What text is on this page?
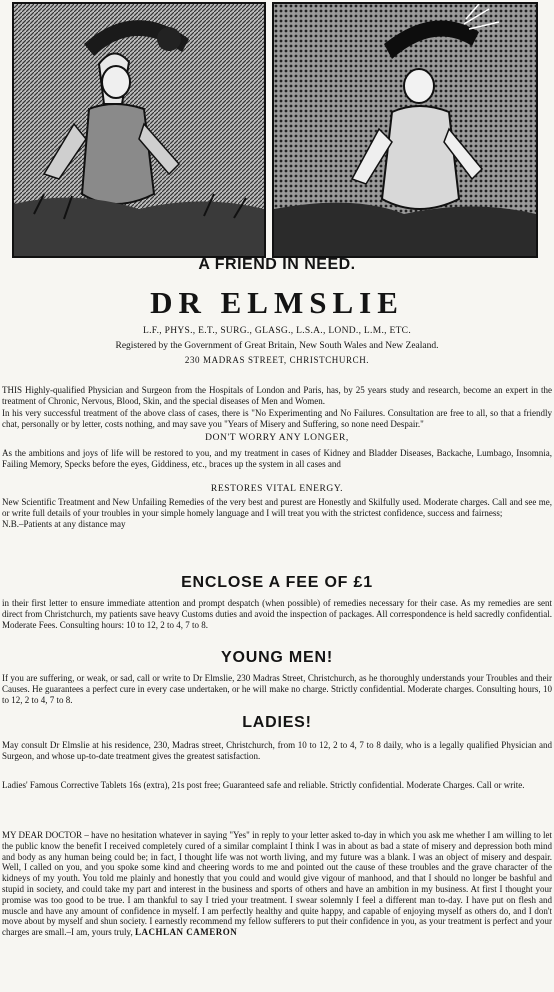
A FRIEND IN NEED.
DR ELMSLIE
L.F., PHYS., E.T., SURG., GLASG., L.S.A., LOND., L.M., ETC.
Registered by the Government of Great Britain, New South Wales and New Zealand.
230 MADRAS STREET, CHRISTCHURCH.
THIS Highly-qualified Physician and Surgeon from the Hospitals of London and Paris, has, by 25 years study and research, become an expert in the treatment of Chronic, Nervous, Blood, Skin, and the special diseases of Men and Women.
In his very successful treatment of the above class of cases, there is "No Experimenting and No Failures. Consultation are free to all, so that a friendly chat, personally or by letter, costs nothing, and may save you "Years of Misery and Suffering, so none need Despair."
DON'T WORRY ANY LONGER,
As the ambitions and joys of life will be restored to you, and my treatment in cases of Kidney and Bladder Diseases, Backache, Lumbago, Insomnia, Failing Memory, Specks before the eyes, Giddiness, etc., braces up the system in all cases and
RESTORES VITAL ENERGY.
New Scientific Treatment and New Unfailing Remedies of the very best and purest are Honestly and Skilfully used. Moderate charges. Call and see me, or write full details of your troubles in your simple homely language and I will treat you with the strictest confidence, success and fairness;
N.B.–Patients at any distance may
ENCLOSE A FEE OF £1
in their first letter to ensure immediate attention and prompt despatch (when possible) of remedies necessary for their case. As my remedies are sent direct from Christchurch, my patients save heavy Customs duties and avoid the inspection of packages. All correspondence is held sacredly confidential. Moderate Fees. Consulting hours: 10 to 12, 2 to 4, 7 to 8.
YOUNG MEN!
If you are suffering, or weak, or sad, call or write to Dr Elmslie, 230 Madras Street, Christchurch, as he thoroughly understands your Troubles and their Causes. He guarantees a perfect cure in every case undertaken, or he will make no charge. Strictly confidential. Moderate charges. Consulting hours, 10 to 12, 2 to 4, 7 to 8.
LADIES!
May consult Dr Elmslie at his residence, 230, Madras street, Christchurch, from 10 to 12, 2 to 4, 7 to 8 daily, who is a legally qualified Physician and Surgeon, and whose up-to-date treatment gives the greatest satisfaction.
Ladies' Famous Corrective Tablets 16s (extra), 21s post free; Guaranteed safe and reliable. Strictly confidential. Moderate Charges. Call or write.
MY DEAR DOCTOR – have no hesitation whatever in saying "Yes" in reply to your letter asked to-day in which you ask me whether I am willing to let the public know the benefit I received completely cured of a similar complaint I think I was in about as bad a state of misery and depression both mind and body as any human being could be; in fact, I thought life was not worth living, and my future was a blank. I was an object of misery and despair. Well, I called on you, and you spoke some kind and cheering words to me and pointed out the cause of these troubles and the grave character of the kidneys of my youth. You told me plainly and honestly that you could and would give vigour of manhood, and that I should no longer be bashful and stupid in society, and could take my part and interest in the business and sports of others and have an ambition in my business. At first I thought your promise was too good to be true. I am thankful to say I tried your treatment. I swear solemnly I feel a different man to-day. I have put on flesh and muscle and have any amount of confidence in myself. I am perfectly healthy and quite happy, and capable of enjoying myself as others do, and I don't move about by myself and shun society. I earnestly recommend my fellow sufferers to put their confidence in you, as your treatment is perfect and your charges are small.–I am, yours truly, LACHLAN CAMERON
